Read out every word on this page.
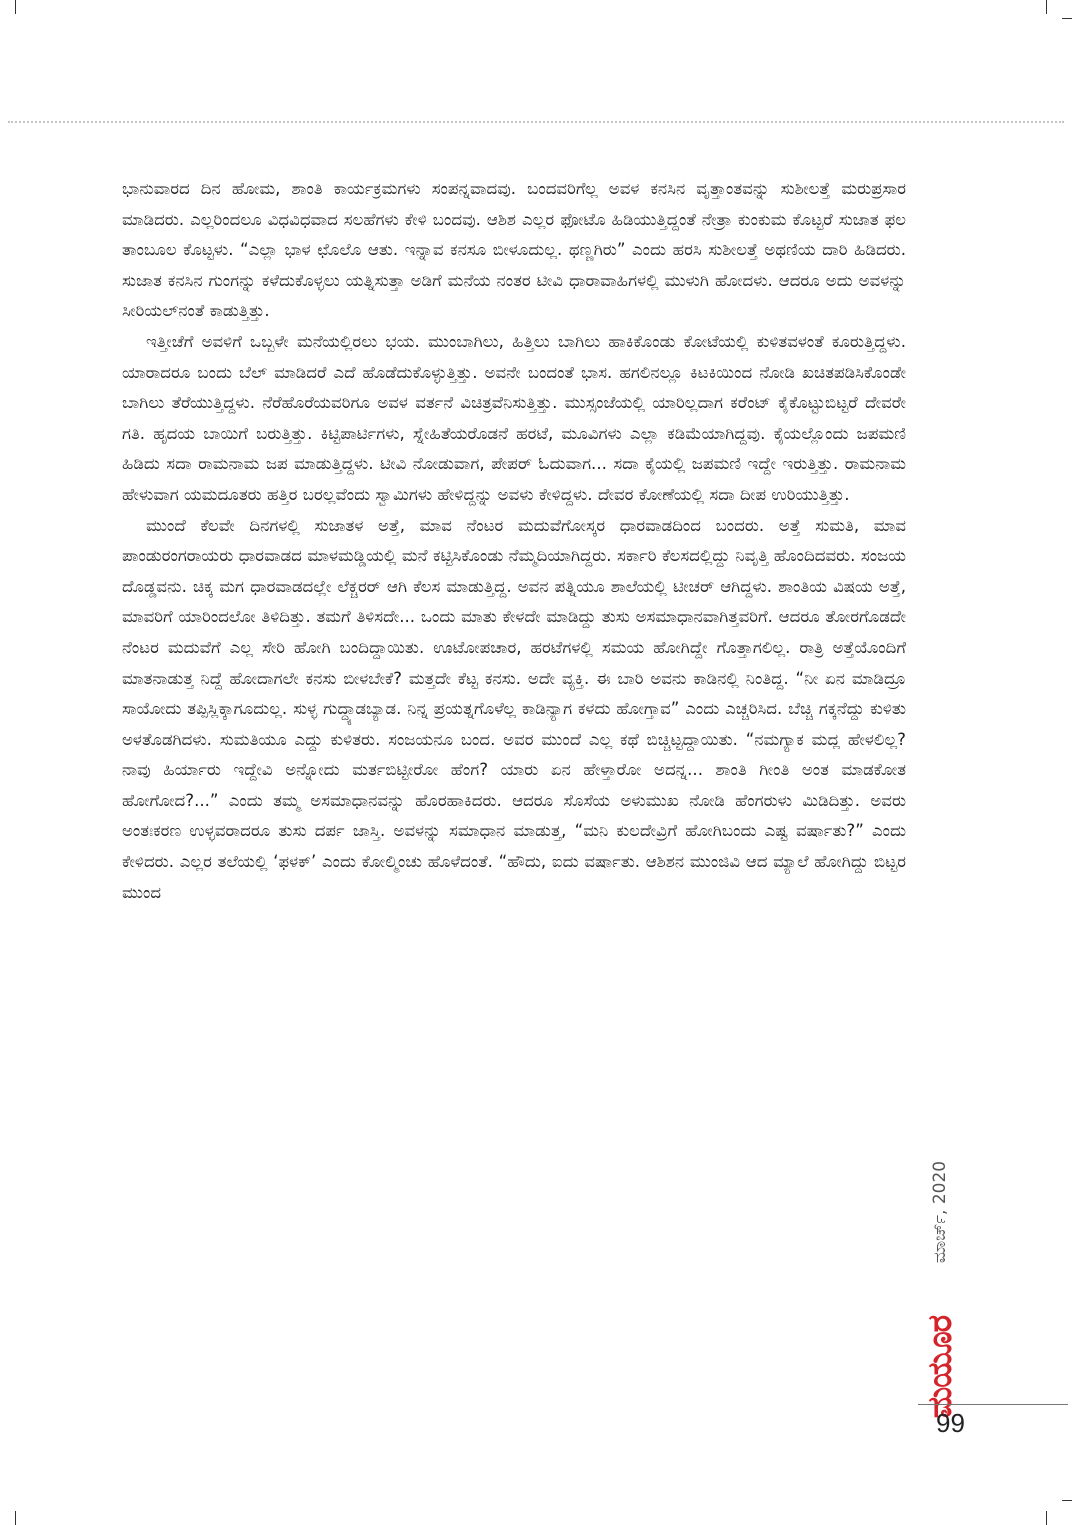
ಭಾನುವಾರದ ದಿನ ಹೋಮ, ಶಾಂತಿ ಕಾರ್ಯಕ್ರಮಗಳು ಸಂಪನ್ನವಾದವು. ಬಂದವರಿಗೆಲ್ಲ ಅವಳ ಕನಸಿನ ವೃತ್ತಾಂತವನ್ನು ಸುಶೀಲತ್ತೆ ಮರುಪ್ರಸಾರ ಮಾಡಿದರು. ಎಲ್ಲರಿಂದಲೂ ವಿಧವಿಧವಾದ ಸಲಹೆಗಳು ಕೇಳಿ ಬಂದವು. ಆಶಿಶ ಎಲ್ಲರ ಫೋಟೊ ಹಿಡಿಯುತ್ತಿದ್ದಂತೆ ನೇತ್ರಾ ಕುಂಕುಮ ಕೊಟ್ಟರೆ ಸುಜಾತ ಫಲ ತಾಂಬೂಲ ಕೊಟ್ಟಳು. “ಎಲ್ಲಾ ಭಾಳ ಛೊಲೊ ಆತು. ಇನ್ನಾವ ಕನಸೂ ಬೀಳೂದುಲ್ಲ. ಥಣ್ಣಗಿರು” ಎಂದು ಹರಸಿ ಸುಶೀಲತ್ತೆ ಅಥಣಿಯ ದಾರಿ ಹಿಡಿದರು. ಸುಜಾತ ಕನಸಿನ ಗುಂಗನ್ನು ಕಳೆದುಕೊಳ್ಳಲು ಯತ್ನಿಸುತ್ತಾ ಅಡಿಗೆ ಮನೆಯ ನಂತರ ಟೀವಿ ಧಾರಾವಾಹಿಗಳಲ್ಲಿ ಮುಳುಗಿ ಹೋದಳು. ಆದರೂ ಅದು ಅವಳನ್ನು ಸೀರಿಯಲ್‌ನಂತೆ ಕಾಡುತ್ತಿತ್ತು.

ಇತ್ತೀಚೆಗೆ ಅವಳಿಗೆ ಒಬ್ಬಳೇ ಮನೆಯಲ್ಲಿರಲು ಭಯ. ಮುಂಬಾಗಿಲು, ಹಿತ್ತಿಲು ಬಾಗಿಲು ಹಾಕಿಕೊಂಡು ಕೋಟೆಯಲ್ಲಿ ಕುಳಿತವಳಂತೆ ಕೂರುತ್ತಿದ್ದಳು. ಯಾರಾದರೂ ಬಂದು ಬೆಲ್ ಮಾಡಿದರೆ ಎದೆ ಹೊಡೆದುಕೊಳ್ಳುತ್ತಿತ್ತು. ಅವನೇ ಬಂದಂತೆ ಭಾಸ. ಹಗಲಿನಲ್ಲೂ ಕಿಟಕಿಯಿಂದ ನೋಡಿ ಖಚಿತಪಡಿಸಿಕೊಂಡೇ ಬಾಗಿಲು ತೆರೆಯುತ್ತಿದ್ದಳು. ನೆರೆಹೊರೆಯವರಿಗೂ ಅವಳ ವರ್ತನೆ ವಿಚಿತ್ರವೆನಿಸುತ್ತಿತ್ತು. ಮುಸ್ಸಂಜೆಯಲ್ಲಿ ಯಾರಿಲ್ಲದಾಗ ಕರೆಂಟ್ ಕೈಕೊಟ್ಟುಬಿಟ್ಟರೆ ದೇವರೇ ಗತಿ. ಹೃದಯ ಬಾಯಿಗೆ ಬರುತ್ತಿತ್ತು. ಕಿಟ್ಟಿಪಾರ್ಟಿಗಳು, ಸ್ನೇಹಿತೆಯರೊಡನೆ ಹರಟೆ, ಮೂವಿಗಳು ಎಲ್ಲಾ ಕಡಿಮೆಯಾಗಿದ್ದವು. ಕೈಯಲ್ಲೊಂದು ಜಪಮಣಿ ಹಿಡಿದು ಸದಾ ರಾಮನಾಮ ಜಪ ಮಾಡುತ್ತಿದ್ದಳು. ಟೀವಿ ನೋಡುವಾಗ, ಪೇಪರ್ ಓದುವಾಗ... ಸದಾ ಕೈಯಲ್ಲಿ ಜಪಮಣಿ ಇದ್ದೇ ಇರುತ್ತಿತ್ತು. ರಾಮನಾಮ ಹೇಳುವಾಗ ಯಮದೂತರು ಹತ್ತಿರ ಬರಲ್ಲವೆಂದು ಸ್ವಾಮಿಗಳು ಹೇಳಿದ್ದನ್ನು ಅವಳು ಕೇಳಿದ್ದಳು. ದೇವರ ಕೋಣೆಯಲ್ಲಿ ಸದಾ ದೀಪ ಉರಿಯುತ್ತಿತ್ತು.

ಮುಂದೆ ಕೆಲವೇ ದಿನಗಳಲ್ಲಿ ಸುಜಾತಳ ಅತ್ತೆ, ಮಾವ ನೆಂಟರ ಮದುವೆಗೋಸ್ಕರ ಧಾರವಾಡದಿಂದ ಬಂದರು. ಅತ್ತೆ ಸುಮತಿ, ಮಾವ ಪಾಂಡುರಂಗರಾಯರು ಧಾರವಾಡದ ಮಾಳಮಡ್ಡಿಯಲ್ಲಿ ಮನೆ ಕಟ್ಟಿಸಿಕೊಂಡು ನೆಮ್ಮದಿಯಾಗಿದ್ದರು. ಸರ್ಕಾರಿ ಕೆಲಸದಲ್ಲಿದ್ದು ನಿವೃತ್ತಿ ಹೊಂದಿದವರು. ಸಂಜಯ ದೊಡ್ಡವನು. ಚಿಕ್ಕ ಮಗ ಧಾರವಾಡದಲ್ಲೇ ಲೆಕ್ಚರರ್ ಆಗಿ ಕೆಲಸ ಮಾಡುತ್ತಿದ್ದ. ಅವನ ಪತ್ನಿಯೂ ಶಾಲೆಯಲ್ಲಿ ಟೀಚರ್ ಆಗಿದ್ದಳು. ಶಾಂತಿಯ ವಿಷಯ ಅತ್ತೆ, ಮಾವರಿಗೆ ಯಾರಿಂದಲೋ ತಿಳಿದಿತ್ತು. ತಮಗೆ ತಿಳಿಸದೇ... ಒಂದು ಮಾತು ಕೇಳದೇ ಮಾಡಿದ್ದು ತುಸು ಅಸಮಾಧಾನವಾಗಿತ್ತವರಿಗೆ. ಆದರೂ ತೋರಗೊಡದೇ ನೆಂಟರ ಮದುವೆಗೆ ಎಲ್ಲ ಸೇರಿ ಹೋಗಿ ಬಂದಿದ್ದಾಯಿತು. ಊಟೋಪಚಾರ, ಹರಟೆಗಳಲ್ಲಿ ಸಮಯ ಹೋಗಿದ್ದೇ ಗೊತ್ತಾಗಲಿಲ್ಲ. ರಾತ್ರಿ ಅತ್ತೆಯೊಂದಿಗೆ ಮಾತನಾಡುತ್ತ ನಿದ್ದೆ ಹೋದಾಗಲೇ ಕನಸು ಬೀಳಬೇಕೆ? ಮತ್ತದೇ ಕೆಟ್ಟ ಕನಸು. ಅದೇ ವ್ಯಕ್ತಿ. ಈ ಬಾರಿ ಅವನು ಕಾಡಿನಲ್ಲಿ ನಿಂತಿದ್ದ. “ನೀ ಏನ ಮಾಡಿದ್ರೂ ಸಾಯೋದು ತಪ್ಪಿಸ್ಲಿಕ್ಕಾಗೂದುಲ್ಲ. ಸುಳ್ಳ ಗುದ್ದ್ಯಾಡಬ್ಯಾಡ. ನಿನ್ನ ಪ್ರಯತ್ನಗೊಳೆಲ್ಲ ಕಾಡಿನ್ಯಾಗ ಕಳದು ಹೋಗ್ತಾವ” ಎಂದು ಎಚ್ಚರಿಸಿದ. ಬೆಚ್ಚಿ ಗಕ್ಕನೆದ್ದು ಕುಳಿತು ಅಳತೊಡಗಿದಳು. ಸುಮತಿಯೂ ಎದ್ದು ಕುಳಿತರು. ಸಂಜಯನೂ ಬಂದ. ಅವರ ಮುಂದೆ ಎಲ್ಲ ಕಥೆ ಬಿಚ್ಚಿಟ್ಟದ್ದಾಯಿತು. “ನಮಗ್ಯಾಕ ಮದ್ಲ ಹೇಳಲಿಲ್ಲ? ನಾವು ಹಿರ್ಯಾರು ಇದ್ದೇವಿ ಅನ್ನೋದು ಮರ್ತಬಿಟ್ಟೀರೋ ಹೆಂಗ? ಯಾರು ಏನ ಹೇಳ್ತಾರೋ ಅದನ್ನ... ಶಾಂತಿ ಗೀಂತಿ ಅಂತ ಮಾಡಕೋತ ಹೋಗೋದ?...” ಎಂದು ತಮ್ಮ ಅಸಮಾಧಾನವನ್ನು ಹೊರಹಾಕಿದರು. ಆದರೂ ಸೊಸೆಯ ಅಳುಮುಖ ನೋಡಿ ಹೆಂಗರುಳು ಮಿಡಿದಿತ್ತು. ಅವರು ಅಂತಃಕರಣ ಉಳ್ಳವರಾದರೂ ತುಸು ದರ್ಪ ಜಾಸ್ತಿ. ಅವಳನ್ನು ಸಮಾಧಾನ ಮಾಡುತ್ತ, “ಮನಿ ಕುಲದೇವ್ರಿಗೆ ಹೋಗಿಬಂದು ಎಷ್ಟ ವರ್ಷಾತು?” ಎಂದು ಕೇಳಿದರು. ಎಲ್ಲರ ತಲೆಯಲ್ಲಿ ‘ಫಳಕ್’ ಎಂದು ಕೋಲ್ಮಿಂಚು ಹೊಳೆದಂತೆ. “ಹೌದು, ಐದು ವರ್ಷಾತು. ಆಶಿಶನ ಮುಂಜಿವಿ ಆದ ಮ್ಯಾಲೆ ಹೋಗಿದ್ದು ಬಿಟ್ಟರ ಮುಂದ

ಮಾರ್ಚ್, 2020
ಮಯೂರ
99
